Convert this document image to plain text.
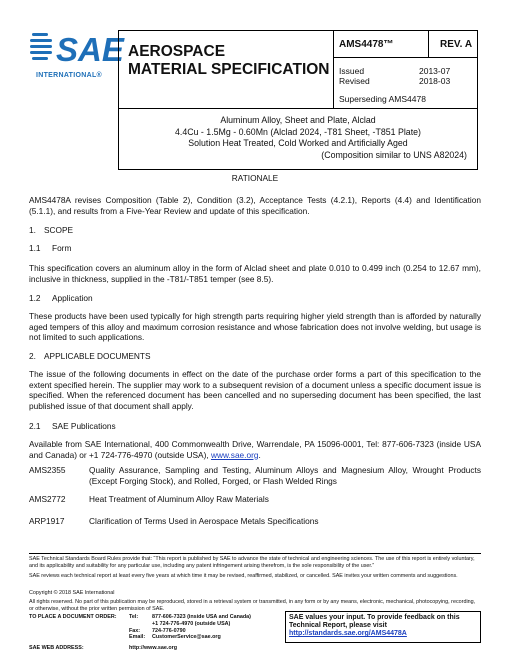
SAE
INTERNATIONAL®
AEROSPACE
MATERIAL SPECIFICATION
AMS4478™	REV. A
Issued	2013-07
Revised	2018-03
Superseding AMS4478
Aluminum Alloy, Sheet and Plate, Alclad
4.4Cu - 1.5Mg - 0.60Mn (Alclad 2024, -T81 Sheet, -T851 Plate)
Solution Heat Treated, Cold Worked and Artificially Aged
(Composition similar to UNS A82024)
RATIONALE
AMS4478A revises Composition (Table 2), Condition (3.2), Acceptance Tests (4.2.1), Reports (4.4) and Identification (5.1.1), and results from a Five-Year Review and update of this specification.
1. SCOPE
1.1 Form
This specification covers an aluminum alloy in the form of Alclad sheet and plate 0.010 to 0.499 inch (0.254 to 12.67 mm), inclusive in thickness, supplied in the -T81/-T851 temper (see 8.5).
1.2 Application
These products have been used typically for high strength parts requiring higher yield strength than is afforded by naturally aged tempers of this alloy and maximum corrosion resistance and whose fabrication does not involve welding, but usage is not limited to such applications.
2. APPLICABLE DOCUMENTS
The issue of the following documents in effect on the date of the purchase order forms a part of this specification to the extent specified herein. The supplier may work to a subsequent revision of a document unless a specific document issue is specified. When the referenced document has been cancelled and no superseding document has been specified, the last published issue of that document shall apply.
2.1 SAE Publications
Available from SAE International, 400 Commonwealth Drive, Warrendale, PA 15096-0001, Tel: 877-606-7323 (inside USA and Canada) or +1 724-776-4970 (outside USA), www.sae.org.
AMS2355	Quality Assurance, Sampling and Testing, Aluminum Alloys and Magnesium Alloy, Wrought Products (Except Forging Stock), and Rolled, Forged, or Flash Welded Rings
AMS2772	Heat Treatment of Aluminum Alloy Raw Materials
ARP1917	Clarification of Terms Used in Aerospace Metals Specifications
SAE Technical Standards Board Rules provide that: “This report is published by SAE to advance the state of technical and engineering sciences. The use of this report is entirely voluntary, and its applicability and suitability for any particular use, including any patent infringement arising therefrom, is the sole responsibility of the user.”
SAE reviews each technical report at least every five years at which time it may be revised, reaffirmed, stabilized, or cancelled. SAE invites your written comments and suggestions.
Copyright © 2018 SAE International
All rights reserved. No part of this publication may be reproduced, stored in a retrieval system or transmitted, in any form or by any means, electronic, mechanical, photocopying, recording, or otherwise, without the prior written permission of SAE.
TO PLACE A DOCUMENT ORDER:	Tel:	877-606-7323 (inside USA and Canada)
		+1 724-776-4970 (outside USA)
	Fax:	724-776-0790
	Email:	CustomerService@sae.org

SAE WEB ADDRESS:	http://www.sae.org	
SAE values your input. To provide feedback on this
Technical Report, please visit
http://standards.sae.org/AMS4478A
